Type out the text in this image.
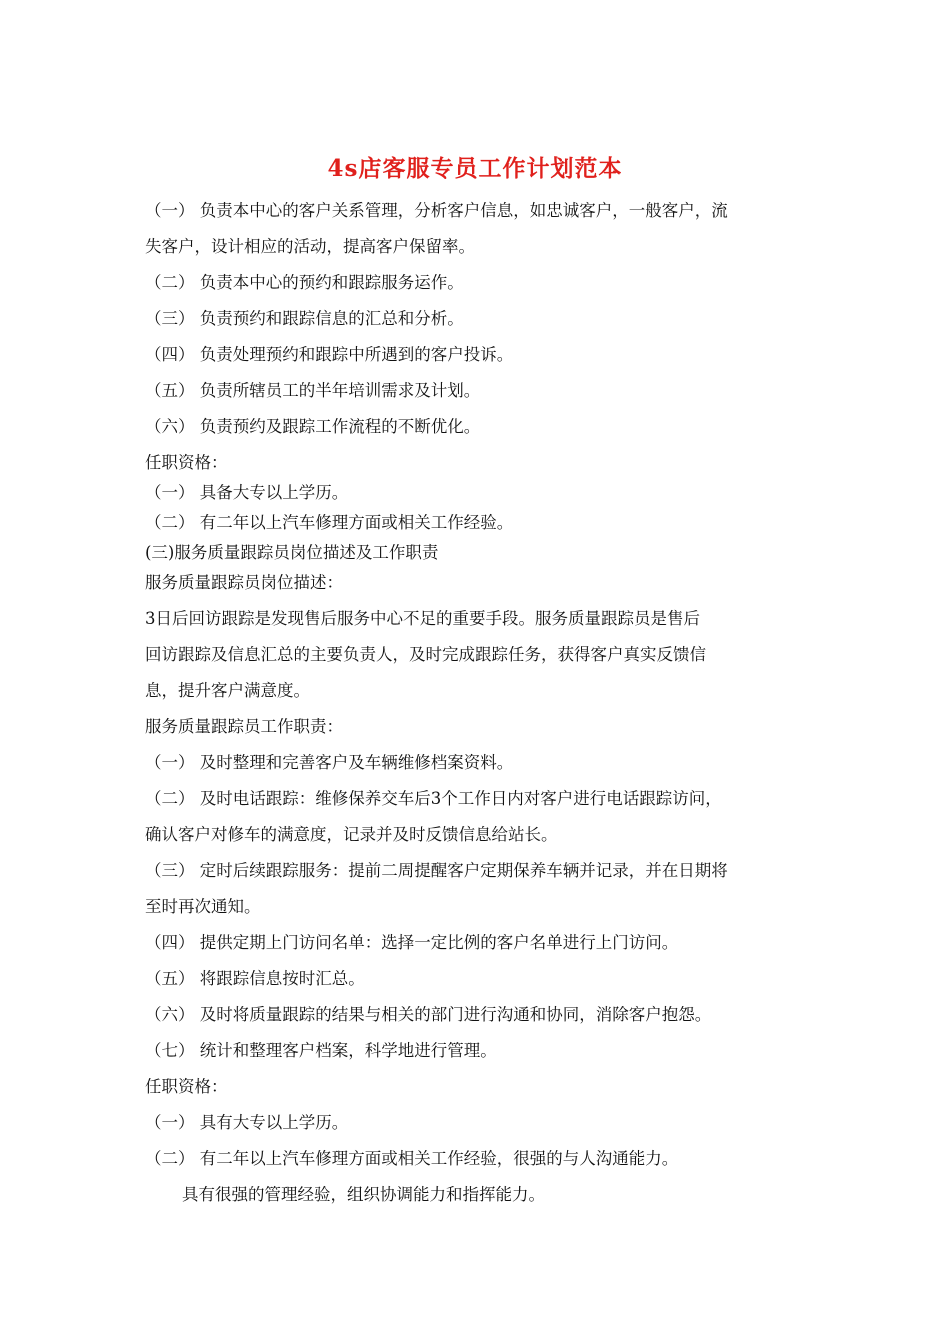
4s店客服专员工作计划范本
（一） 负责本中心的客户关系管理，分析客户信息，如忠诚客户，一般客户，流
失客户，设计相应的活动，提高客户保留率。
（二） 负责本中心的预约和跟踪服务运作。
（三） 负责预约和跟踪信息的汇总和分析。
（四） 负责处理预约和跟踪中所遇到的客户投诉。
（五） 负责所辖员工的半年培训需求及计划。
（六） 负责预约及跟踪工作流程的不断优化。
任职资格：
（一） 具备大专以上学历。
（二） 有二年以上汽车修理方面或相关工作经验。
(三)服务质量跟踪员岗位描述及工作职责
服务质量跟踪员岗位描述：
3日后回访跟踪是发现售后服务中心不足的重要手段。服务质量跟踪员是售后
回访跟踪及信息汇总的主要负责人，及时完成跟踪任务，获得客户真实反馈信
息，提升客户满意度。
服务质量跟踪员工作职责：
（一） 及时整理和完善客户及车辆维修档案资料。
（二） 及时电话跟踪：维修保养交车后3个工作日内对客户进行电话跟踪访问，
确认客户对修车的满意度，记录并及时反馈信息给站长。
（三） 定时后续跟踪服务：提前二周提醒客户定期保养车辆并记录，并在日期将
至时再次通知。
（四） 提供定期上门访问名单：选择一定比例的客户名单进行上门访问。
（五） 将跟踪信息按时汇总。
（六） 及时将质量跟踪的结果与相关的部门进行沟通和协同，消除客户抱怨。
（七） 统计和整理客户档案，科学地进行管理。
任职资格：
（一） 具有大专以上学历。
（二） 有二年以上汽车修理方面或相关工作经验，很强的与人沟通能力。
具有很强的管理经验，组织协调能力和指挥能力。
